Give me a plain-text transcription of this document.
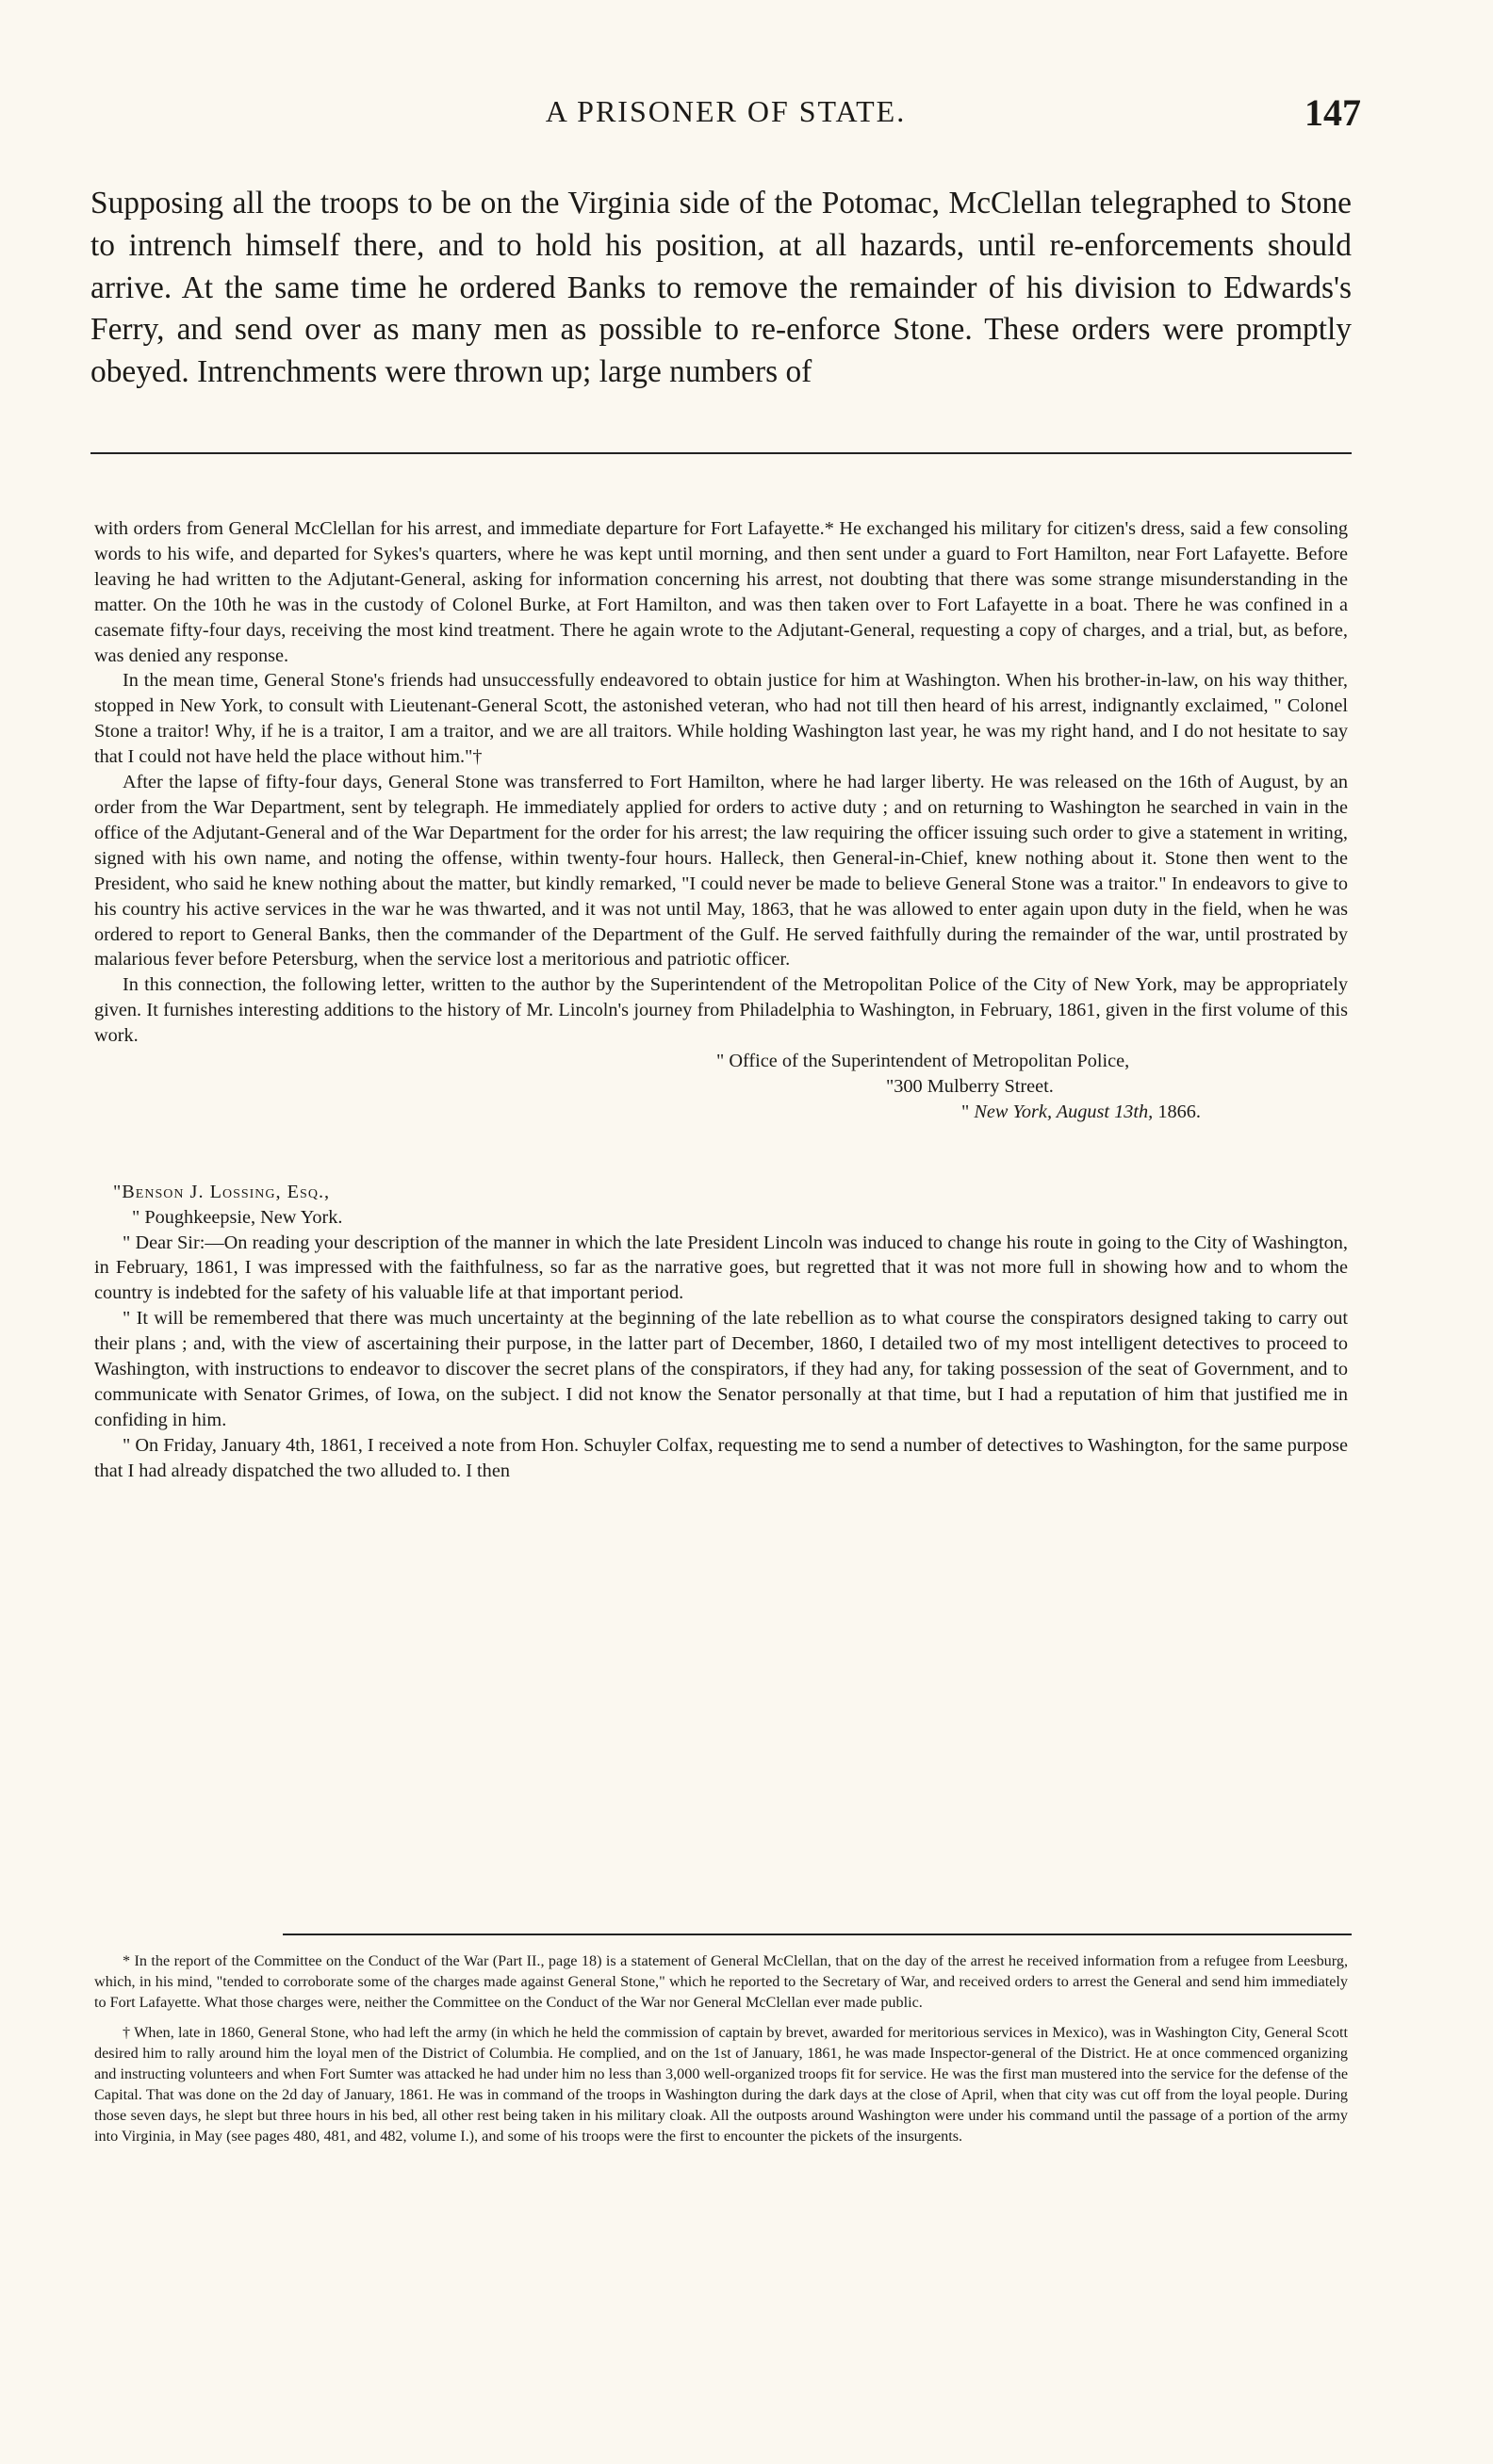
A PRISONER OF STATE.	147

Supposing all the troops to be on the Virginia side of the Potomac, McClellan telegraphed to Stone to intrench himself there, and to hold his position, at all hazards, until re-enforcements should arrive. At the same time he ordered Banks to remove the remainder of his division to Edwards's Ferry, and send over as many men as possible to re-enforce Stone. These orders were promptly obeyed. Intrenchments were thrown up; large numbers of

with orders from General McClellan for his arrest, and immediate departure for Fort Lafayette.* He exchanged his military for citizen's dress, said a few consoling words to his wife, and departed for Sykes's quarters, where he was kept until morning, and then sent under a guard to Fort Hamilton, near Fort Lafayette. Before leaving he had written to the Adjutant-General, asking for information concerning his arrest, not doubting that there was some strange misunderstanding in the matter. On the 10th he was in the custody of Colonel Burke, at Fort Hamilton, and was then taken over to Fort Lafayette in a boat. There he was confined in a casemate fifty-four days, receiving the most kind treatment. There he again wrote to the Adjutant-General, requesting a copy of charges, and a trial, but, as before, was denied any response.

In the mean time, General Stone's friends had unsuccessfully endeavored to obtain justice for him at Washington. When his brother-in-law, on his way thither, stopped in New York, to consult with Lieutenant-General Scott, the astonished veteran, who had not till then heard of his arrest, indignantly exclaimed, " Colonel Stone a traitor! Why, if he is a traitor, I am a traitor, and we are all traitors. While holding Washington last year, he was my right hand, and I do not hesitate to say that I could not have held the place without him."†

After the lapse of fifty-four days, General Stone was transferred to Fort Hamilton, where he had larger liberty. He was released on the 16th of August, by an order from the War Department, sent by telegraph. He immediately applied for orders to active duty ; and on returning to Washington he searched in vain in the office of the Adjutant-General and of the War Department for the order for his arrest; the law requiring the officer issuing such order to give a statement in writing, signed with his own name, and noting the offense, within twenty-four hours. Halleck, then General-in-Chief, knew nothing about it. Stone then went to the President, who said he knew nothing about the matter, but kindly remarked, "I could never be made to believe General Stone was a traitor." In endeavors to give to his country his active services in the war he was thwarted, and it was not until May, 1863, that he was allowed to enter again upon duty in the field, when he was ordered to report to General Banks, then the commander of the Department of the Gulf. He served faithfully during the remainder of the war, until prostrated by malarious fever before Petersburg, when the service lost a meritorious and patriotic officer.

In this connection, the following letter, written to the author by the Superintendent of the Metropolitan Police of the City of New York, may be appropriately given. It furnishes interesting additions to the history of Mr. Lincoln's journey from Philadelphia to Washington, in February, 1861, given in the first volume of this work.

" Office of the Superintendent of Metropolitan Police,
"300 Mulberry Street.
" New York, August 13th, 1866.
"Benson J. Lossing, Esq.,
" Poughkeepsie, New York.

" Dear Sir:—On reading your description of the manner in which the late President Lincoln was induced to change his route in going to the City of Washington, in February, 1861, I was impressed with the faithfulness, so far as the narrative goes, but regretted that it was not more full in showing how and to whom the country is indebted for the safety of his valuable life at that important period.

" It will be remembered that there was much uncertainty at the beginning of the late rebellion as to what course the conspirators designed taking to carry out their plans ; and, with the view of ascertaining their purpose, in the latter part of December, 1860, I detailed two of my most intelligent detectives to proceed to Washington, with instructions to endeavor to discover the secret plans of the conspirators, if they had any, for taking possession of the seat of Government, and to communicate with Senator Grimes, of Iowa, on the subject. I did not know the Senator personally at that time, but I had a reputation of him that justified me in confiding in him.

" On Friday, January 4th, 1861, I received a note from Hon. Schuyler Colfax, requesting me to send a number of detectives to Washington, for the same purpose that I had already dispatched the two alluded to. I then

* In the report of the Committee on the Conduct of the War (Part II., page 18) is a statement of General McClellan, that on the day of the arrest he received information from a refugee from Leesburg, which, in his mind, "tended to corroborate some of the charges made against General Stone," which he reported to the Secretary of War, and received orders to arrest the General and send him immediately to Fort Lafayette. What those charges were, neither the Committee on the Conduct of the War nor General McClellan ever made public.

† When, late in 1860, General Stone, who had left the army (in which he held the commission of captain by brevet, awarded for meritorious services in Mexico), was in Washington City, General Scott desired him to rally around him the loyal men of the District of Columbia. He complied, and on the 1st of January, 1861, he was made Inspector-general of the District. He at once commenced organizing and instructing volunteers and when Fort Sumter was attacked he had under him no less than 3,000 well-organized troops fit for service. He was the first man mustered into the service for the defense of the Capital. That was done on the 2d day of January, 1861. He was in command of the troops in Washington during the dark days at the close of April, when that city was cut off from the loyal people. During those seven days, he slept but three hours in his bed, all other rest being taken in his military cloak. All the outposts around Washington were under his command until the passage of a portion of the army into Virginia, in May (see pages 480, 481, and 482, volume I.), and some of his troops were the first to encounter the pickets of the insurgents.
